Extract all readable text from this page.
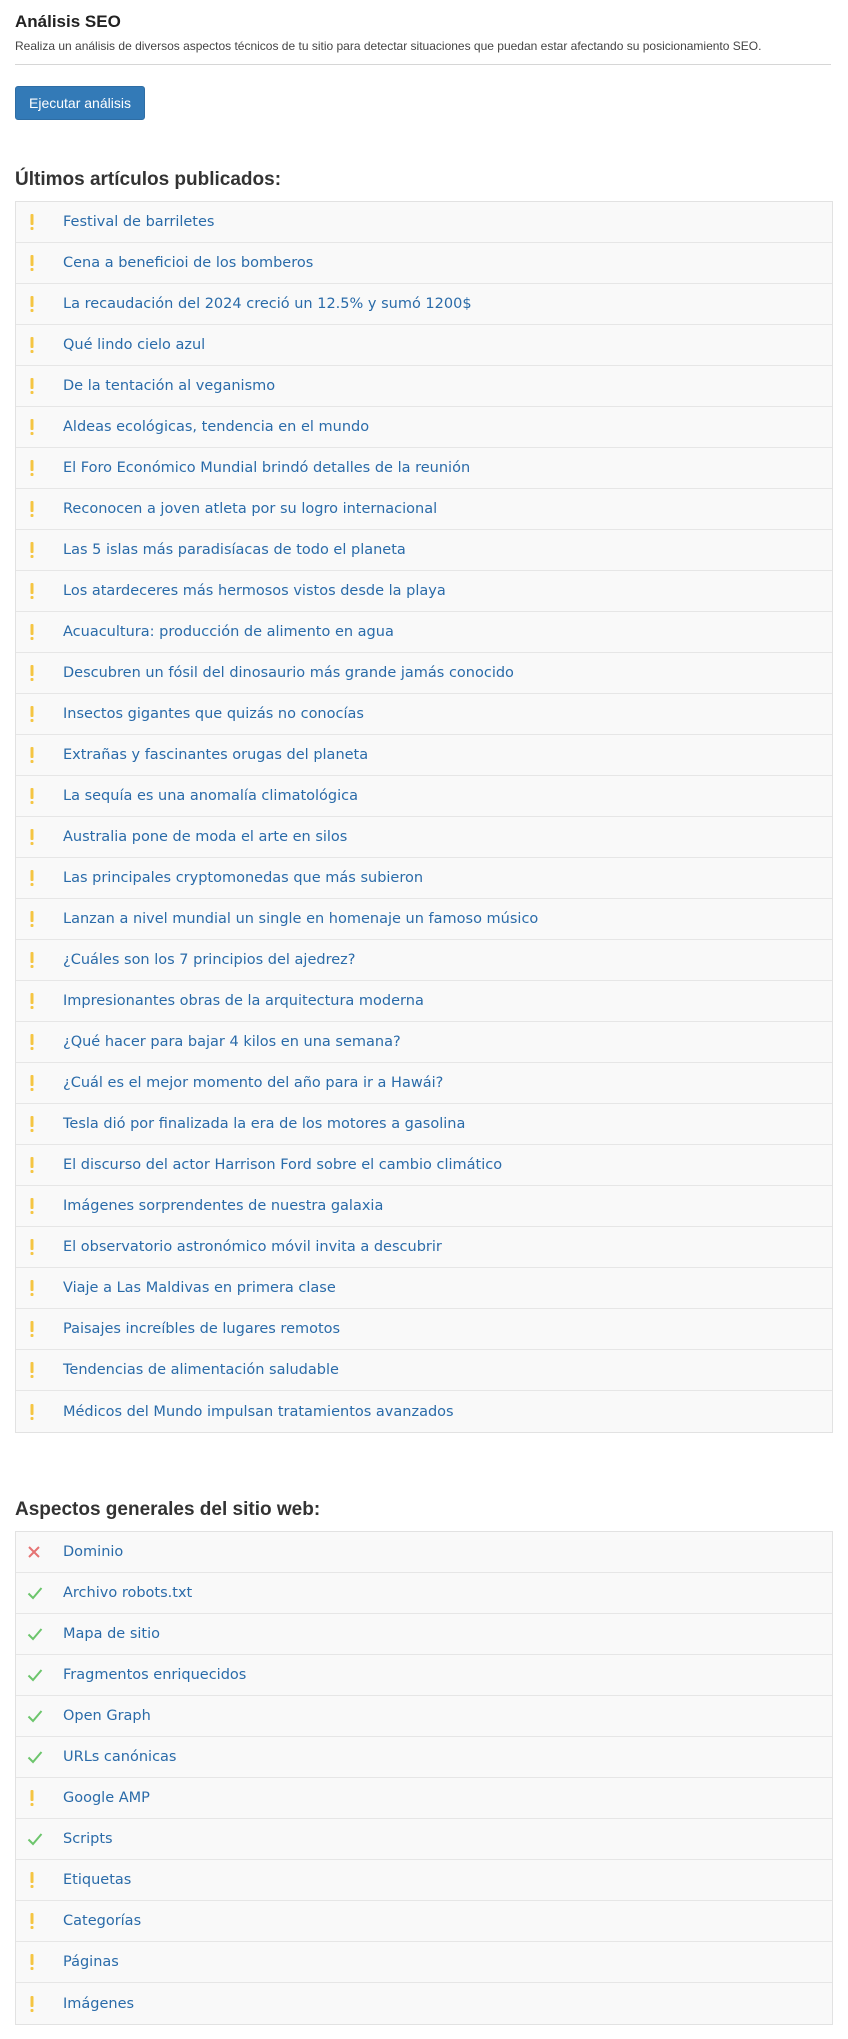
Análisis SEO

Realiza un análisis de diversos aspectos técnicos de tu sitio para detectar situaciones que puedan estar afectando su posicionamiento SEO.

Ejecutar análisis
Últimos artículos publicados:
Festival de barriletes
Cena a beneficioi de los bomberos
La recaudación del 2024 creció un 12.5% y sumó 1200$
Qué lindo cielo azul
De la tentación al veganismo
Aldeas ecológicas, tendencia en el mundo
El Foro Económico Mundial brindó detalles de la reunión
Reconocen a joven atleta por su logro internacional
Las 5 islas más paradisíacas de todo el planeta
Los atardeceres más hermosos vistos desde la playa
Acuacultura: producción de alimento en agua
Descubren un fósil del dinosaurio más grande jamás conocido
Insectos gigantes que quizás no conocías
Extrañas y fascinantes orugas del planeta
La sequía es una anomalía climatológica
Australia pone de moda el arte en silos
Las principales cryptomonedas que más subieron
Lanzan a nivel mundial un single en homenaje un famoso músico
¿Cuáles son los 7 principios del ajedrez?
Impresionantes obras de la arquitectura moderna
¿Qué hacer para bajar 4 kilos en una semana?
¿Cuál es el mejor momento del año para ir a Hawái?
Tesla dió por finalizada la era de los motores a gasolina
El discurso del actor Harrison Ford sobre el cambio climático
Imágenes sorprendentes de nuestra galaxia
El observatorio astronómico móvil invita a descubrir
Viaje a Las Maldivas en primera clase
Paisajes increíbles de lugares remotos
Tendencias de alimentación saludable
Médicos del Mundo impulsan tratamientos avanzados
Aspectos generales del sitio web:
Dominio
Archivo robots.txt
Mapa de sitio
Fragmentos enriquecidos
Open Graph
URLs canónicas
Google AMP
Scripts
Etiquetas
Categorías
Páginas
Imágenes
